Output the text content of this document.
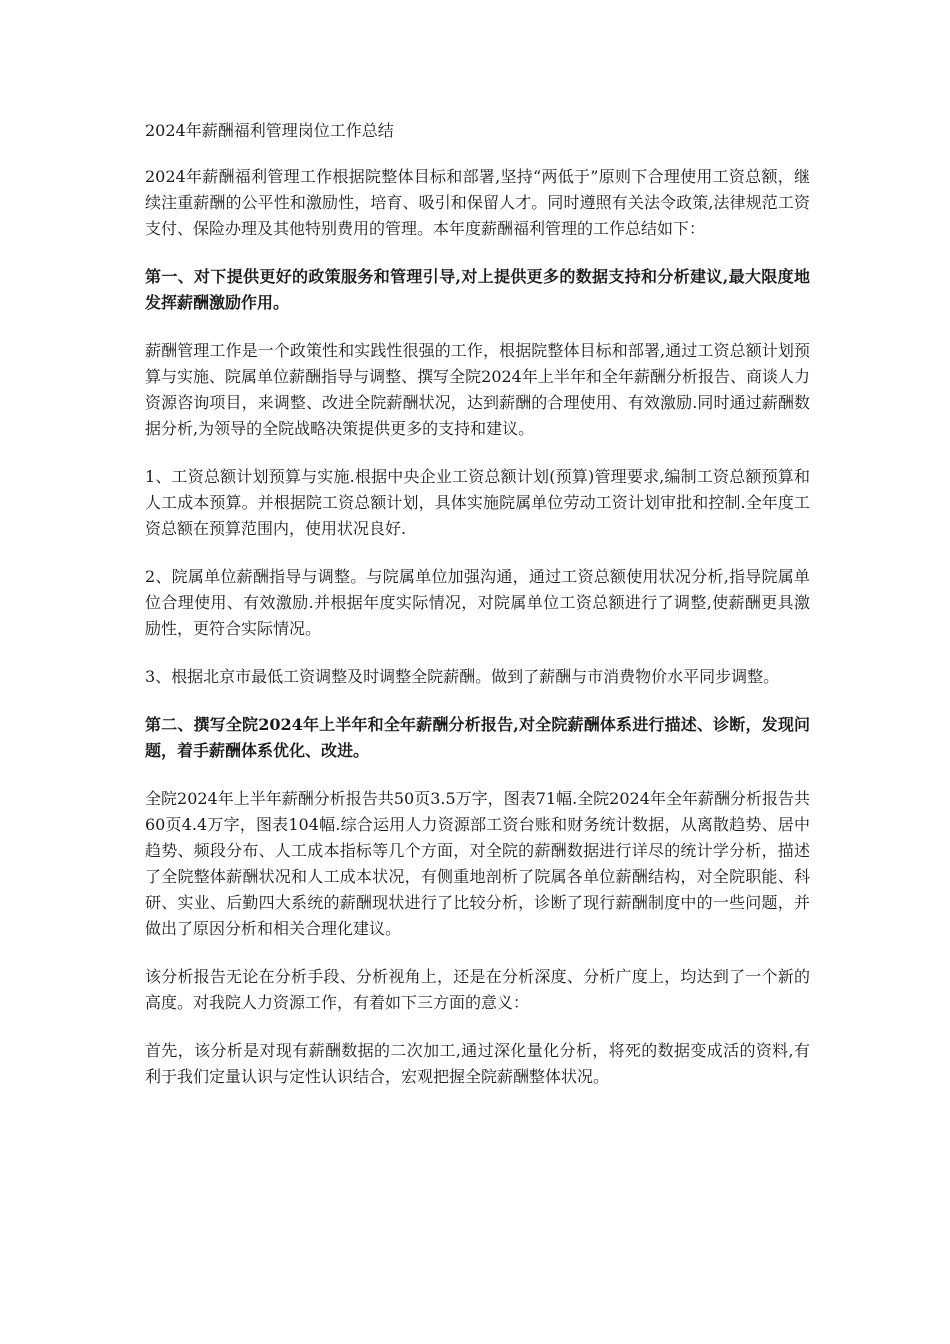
2024年薪酬福利管理岗位工作总结

2024年薪酬福利管理工作根据院整体目标和部署,坚持“两低于”原则下合理使用工资总额，继续注重薪酬的公平性和激励性，培育、吸引和保留人才。同时遵照有关法令政策,法律规范工资支付、保险办理及其他特别费用的管理。本年度薪酬福利管理的工作总结如下：

第一、对下提供更好的政策服务和管理引导,对上提供更多的数据支持和分析建议,最大限度地发挥薪酬激励作用。

薪酬管理工作是一个政策性和实践性很强的工作，根据院整体目标和部署,通过工资总额计划预算与实施、院属单位薪酬指导与调整、撰写全院2024年上半年和全年薪酬分析报告、商谈人力资源咨询项目，来调整、改进全院薪酬状况，达到薪酬的合理使用、有效激励.同时通过薪酬数据分析,为领导的全院战略决策提供更多的支持和建议。

1、工资总额计划预算与实施.根据中央企业工资总额计划(预算)管理要求,编制工资总额预算和人工成本预算。并根据院工资总额计划，具体实施院属单位劳动工资计划审批和控制.全年度工资总额在预算范围内，使用状况良好.

2、院属单位薪酬指导与调整。与院属单位加强沟通，通过工资总额使用状况分析,指导院属单位合理使用、有效激励.并根据年度实际情况，对院属单位工资总额进行了调整,使薪酬更具激励性，更符合实际情况。

3、根据北京市最低工资调整及时调整全院薪酬。做到了薪酬与市消费物价水平同步调整。

第二、撰写全院2024年上半年和全年薪酬分析报告,对全院薪酬体系进行描述、诊断，发现问题，着手薪酬体系优化、改进。

全院2024年上半年薪酬分析报告共50页3.5万字，图表71幅.全院2024年全年薪酬分析报告共60页4.4万字，图表104幅.综合运用人力资源部工资台账和财务统计数据，从离散趋势、居中趋势、频段分布、人工成本指标等几个方面，对全院的薪酬数据进行详尽的统计学分析，描述了全院整体薪酬状况和人工成本状况，有侧重地剖析了院属各单位薪酬结构，对全院职能、科研、实业、后勤四大系统的薪酬现状进行了比较分析，诊断了现行薪酬制度中的一些问题，并做出了原因分析和相关合理化建议。

该分析报告无论在分析手段、分析视角上，还是在分析深度、分析广度上，均达到了一个新的高度。对我院人力资源工作，有着如下三方面的意义：

首先，该分析是对现有薪酬数据的二次加工,通过深化量化分析，将死的数据变成活的资料,有利于我们定量认识与定性认识结合，宏观把握全院薪酬整体状况。
